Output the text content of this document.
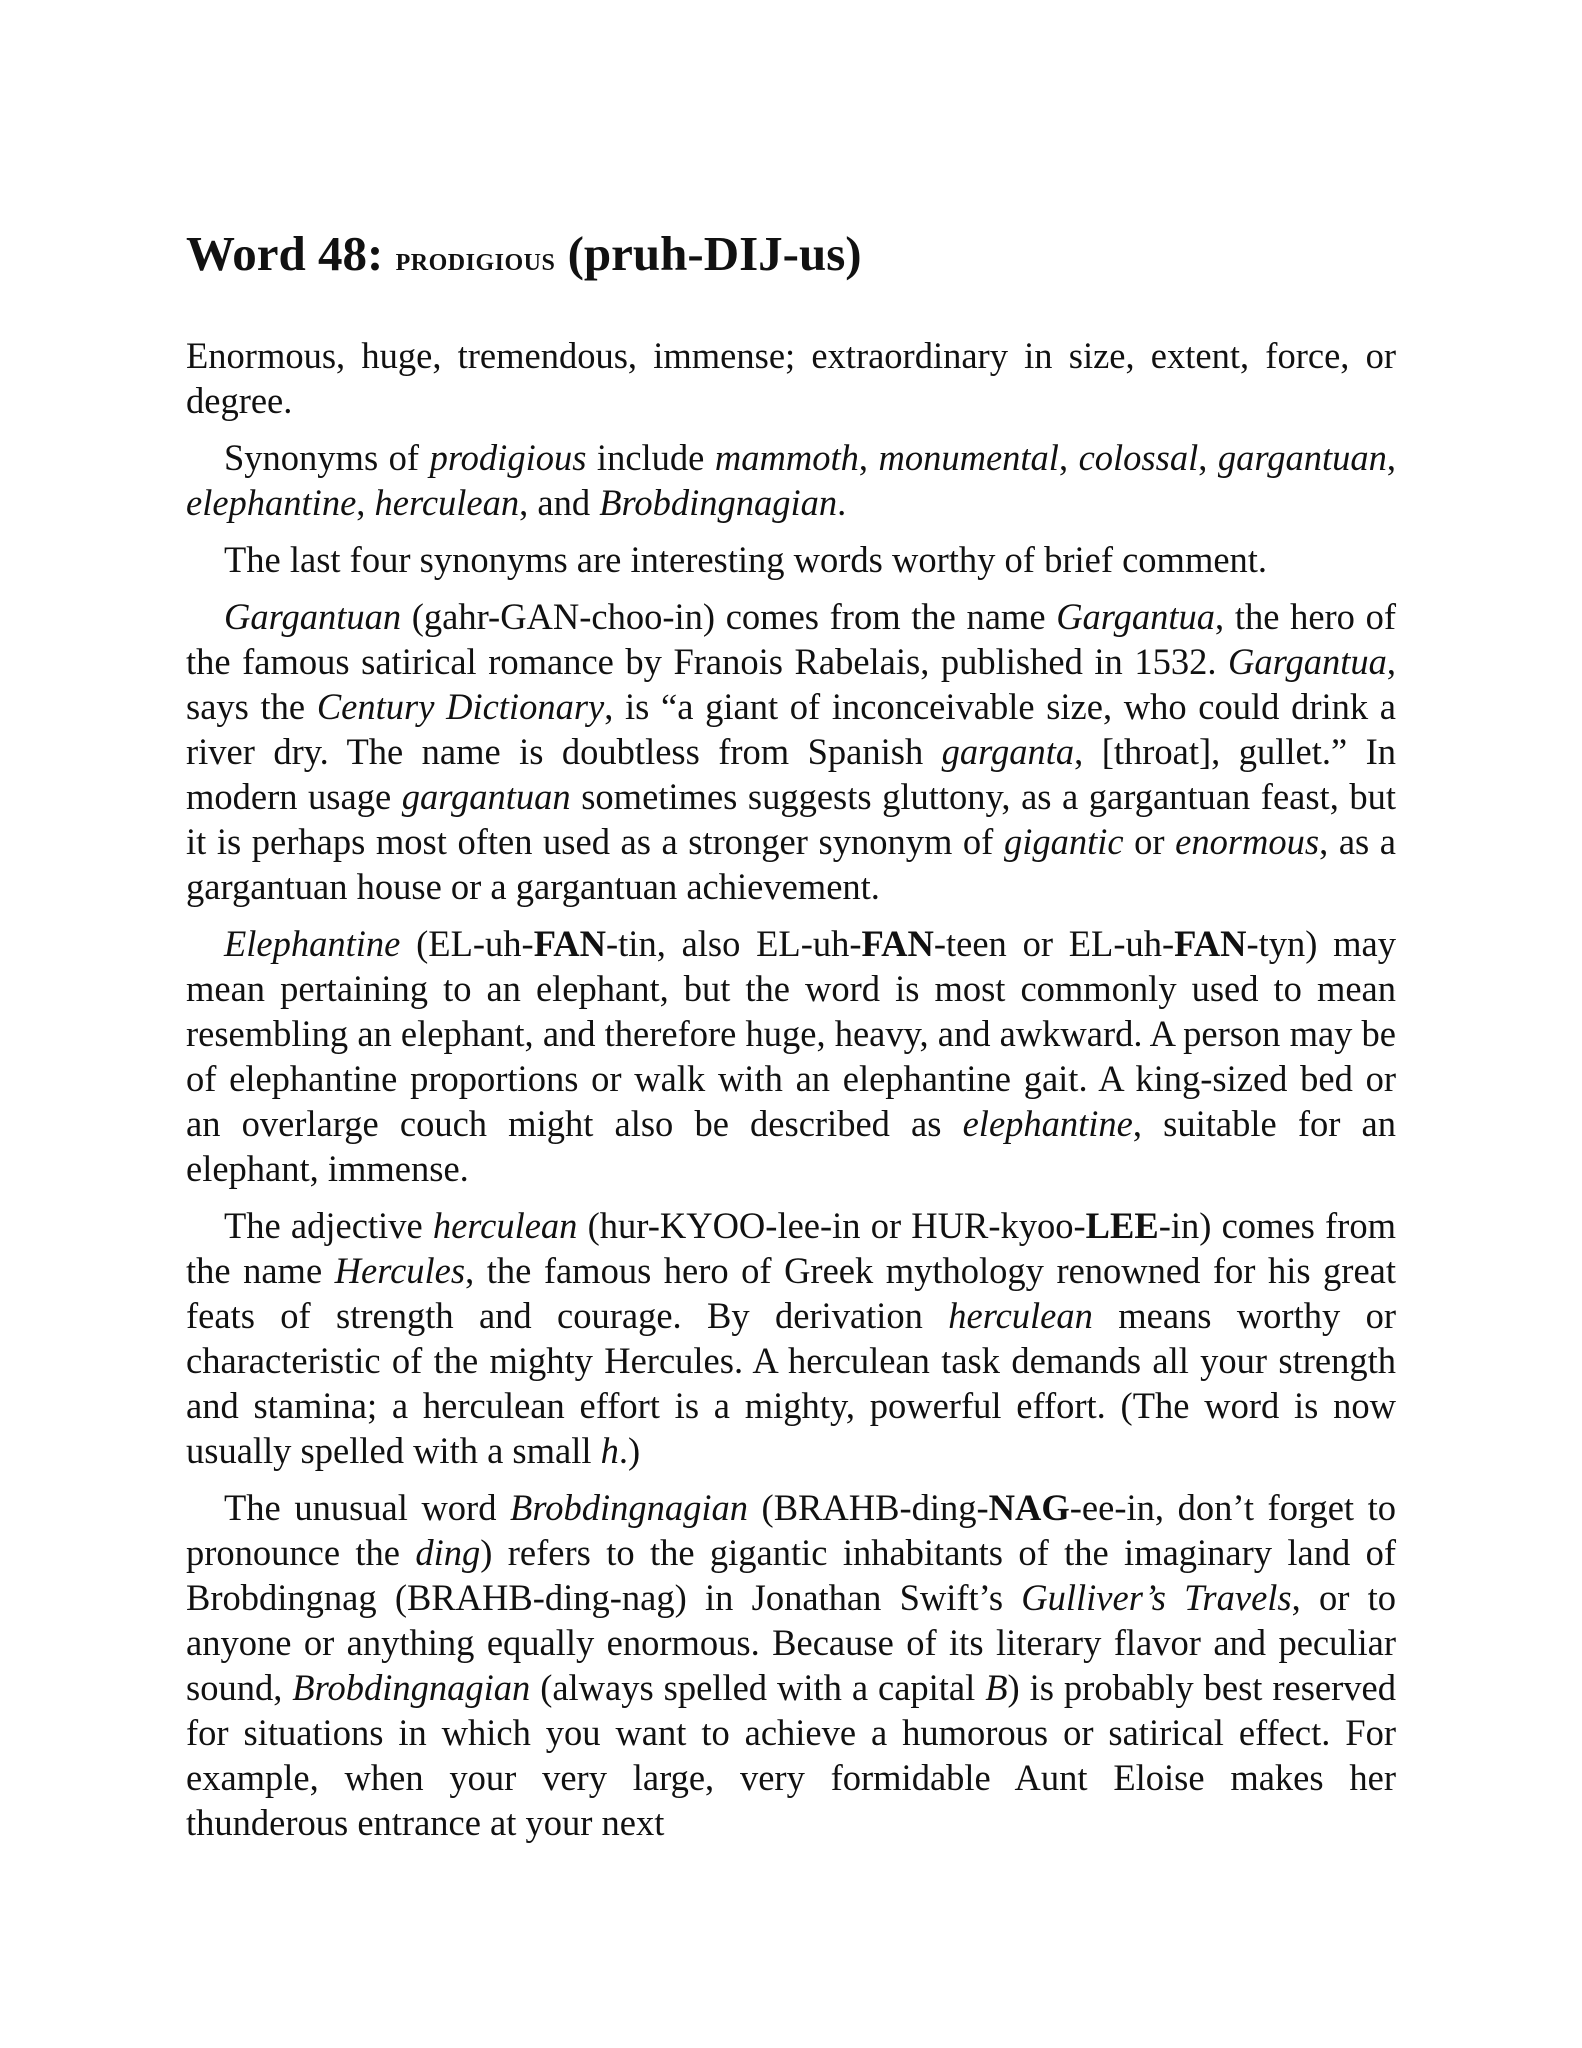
Word 48: PRODIGIOUS (pruh-DIJ-us)

Enormous, huge, tremendous, immense; extraordinary in size, extent, force, or degree.

Synonyms of prodigious include mammoth, monumental, colossal, gargantuan, elephantine, herculean, and Brobdingnagian.

The last four synonyms are interesting words worthy of brief comment.

Gargantuan (gahr-GAN-choo-in) comes from the name Gargantua, the hero of the famous satirical romance by Franois Rabelais, published in 1532. Gargantua, says the Century Dictionary, is “a giant of inconceivable size, who could drink a river dry. The name is doubtless from Spanish garganta, [throat], gullet.” In modern usage gargantuan sometimes suggests gluttony, as a gargantuan feast, but it is perhaps most often used as a stronger synonym of gigantic or enormous, as a gargantuan house or a gargantuan achievement.

Elephantine (EL-uh-FAN-tin, also EL-uh-FAN-teen or EL-uh-FAN-tyn) may mean pertaining to an elephant, but the word is most commonly used to mean resembling an elephant, and therefore huge, heavy, and awkward. A person may be of elephantine proportions or walk with an elephantine gait. A king-sized bed or an overlarge couch might also be described as elephantine, suitable for an elephant, immense.

The adjective herculean (hur-KYOO-lee-in or HUR-kyoo-LEE-in) comes from the name Hercules, the famous hero of Greek mythology renowned for his great feats of strength and courage. By derivation herculean means worthy or characteristic of the mighty Hercules. A herculean task demands all your strength and stamina; a herculean effort is a mighty, powerful effort. (The word is now usually spelled with a small h.)

The unusual word Brobdingnagian (BRAHB-ding-NAG-ee-in, don’t forget to pronounce the ding) refers to the gigantic inhabitants of the imaginary land of Brobdingnag (BRAHB-ding-nag) in Jonathan Swift’s Gulliver’s Travels, or to anyone or anything equally enormous. Because of its literary flavor and peculiar sound, Brobdingnagian (always spelled with a capital B) is probably best reserved for situations in which you want to achieve a humorous or satirical effect. For example, when your very large, very formidable Aunt Eloise makes her thunderous entrance at your next
